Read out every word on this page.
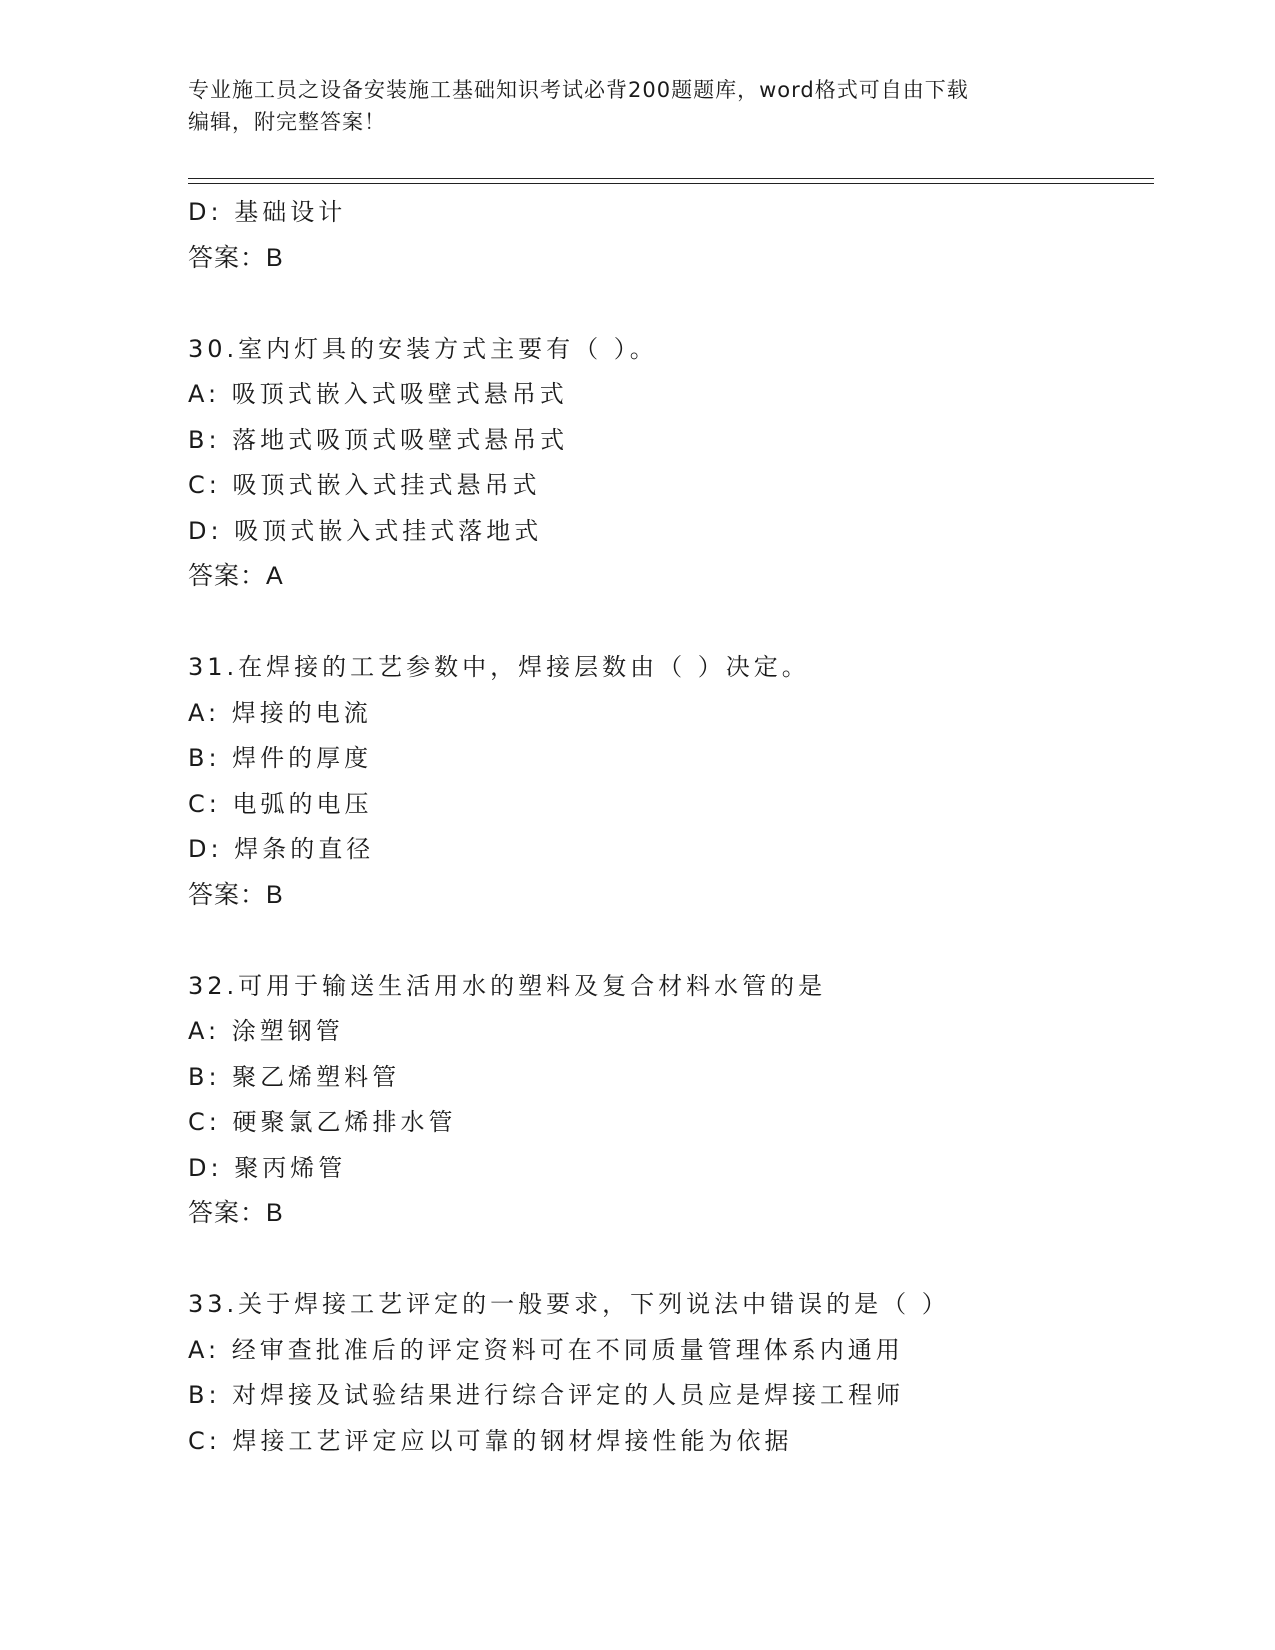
专业施工员之设备安装施工基础知识考试必背200题题库，word格式可自由下载
编辑，附完整答案！
D: 基础设计
答案：B
30.室内灯具的安装方式主要有（ ）。
A: 吸顶式嵌入式吸壁式悬吊式
B: 落地式吸顶式吸壁式悬吊式
C: 吸顶式嵌入式挂式悬吊式
D: 吸顶式嵌入式挂式落地式
答案：A
31.在焊接的工艺参数中，焊接层数由（ ）决定。
A: 焊接的电流
B: 焊件的厚度
C: 电弧的电压
D: 焊条的直径
答案：B
32.可用于输送生活用水的塑料及复合材料水管的是
A: 涂塑钢管
B: 聚乙烯塑料管
C: 硬聚氯乙烯排水管
D: 聚丙烯管
答案：B
33.关于焊接工艺评定的一般要求，下列说法中错误的是（ ）
A: 经审查批准后的评定资料可在不同质量管理体系内通用
B: 对焊接及试验结果进行综合评定的人员应是焊接工程师
C: 焊接工艺评定应以可靠的钢材焊接性能为依据
